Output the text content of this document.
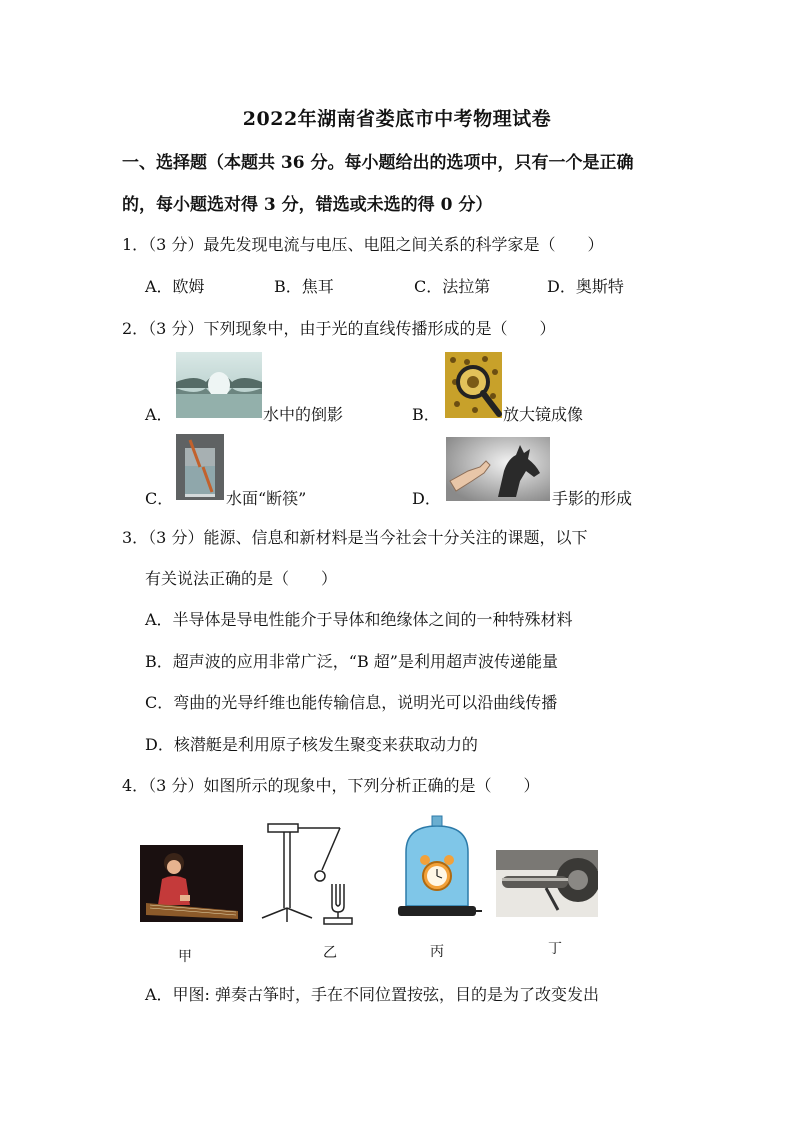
2022年湖南省娄底市中考物理试卷
一、选择题（本题共 36 分。每小题给出的选项中，只有一个是正确
的，每小题选对得 3 分，错选或未选的得 0 分）
1．（3 分）最先发现电流与电压、电阻之间关系的科学家是（　　）
A．欧姆	B．焦耳	C．法拉第	D．奥斯特
2．（3 分）下列现象中，由于光的直线传播形成的是（　　）
A．	水中的倒影	B．	放大镜成像
C．	水面“断筷”	D．	手影的形成
3．（3 分）能源、信息和新材料是当今社会十分关注的课题，以下
有关说法正确的是（　　）
A．半导体是导电性能介于导体和绝缘体之间的一种特殊材料
B．超声波的应用非常广泛，“B 超”是利用超声波传递能量
C．弯曲的光导纤维也能传输信息，说明光可以沿曲线传播
D．核潜艇是利用原子核发生聚变来获取动力的
4．（3 分）如图所示的现象中，下列分析正确的是（　　）
甲	乙	丙	丁
A．甲图: 弹奏古筝时，手在不同位置按弦，目的是为了改变发出
